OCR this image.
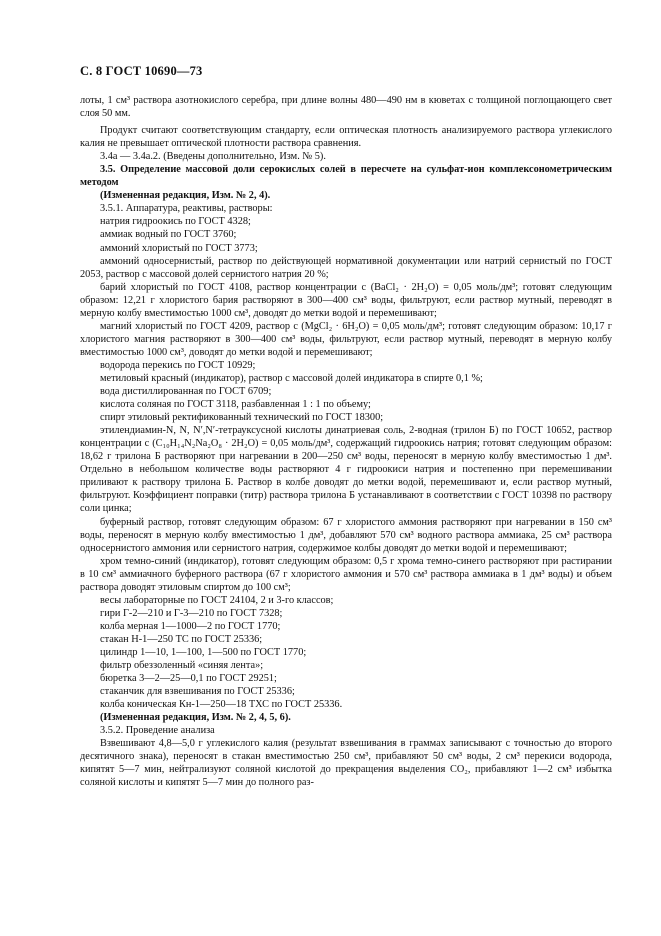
С. 8 ГОСТ 10690—73

лоты, 1 см³ раствора азотнокислого серебра, при длине волны 480—490 нм в кюветах с толщиной поглощающего свет слоя 50 мм.

Продукт считают соответствующим стандарту, если оптическая плотность анализируемого раствора углекислого калия не превышает оптической плотности раствора сравнения.

3.4а — 3.4а.2. (Введены дополнительно, Изм. № 5).

3.5. Определение массовой доли серокислых солей в пересчете на сульфат-ион комплексонометрическим методом

(Измененная редакция, Изм. № 2, 4).

3.5.1. Аппаратура, реактивы, растворы:

натрия гидроокись по ГОСТ 4328;

аммиак водный по ГОСТ 3760;

аммоний хлористый по ГОСТ 3773;

аммоний односернистый, раствор по действующей нормативной документации или натрий сернистый по ГОСТ 2053, раствор с массовой долей сернистого натрия 20 %;

барий хлористый по ГОСТ 4108, раствор концентрации c (BaCl₂ · 2H₂O) = 0,05 моль/дм³; готовят следующим образом: 12,21 г хлористого бария растворяют в 300—400 см³ воды, фильтруют, если раствор мутный, переводят в мерную колбу вместимостью 1000 см³, доводят до метки водой и перемешивают;

магний хлористый по ГОСТ 4209, раствор c (MgCl₂ · 6H₂O) = 0,05 моль/дм³; готовят следующим образом: 10,17 г хлористого магния растворяют в 300—400 см³ воды, фильтруют, если раствор мутный, переводят в мерную колбу вместимостью 1000 см³, доводят до метки водой и перемешивают;

водорода перекись по ГОСТ 10929;

метиловый красный (индикатор), раствор с массовой долей индикатора в спирте 0,1 %;

вода дистиллированная по ГОСТ 6709;

кислота соляная по ГОСТ 3118, разбавленная 1 : 1 по объему;

спирт этиловый ректификованный технический по ГОСТ 18300;

этилендиамин-N, N, N′,N′-тетрауксусной кислоты динатриевая соль, 2-водная (трилон Б) по ГОСТ 10652, раствор концентрации c (C₁₀H₁₄N₂Na₂O₈ · 2H₂O) = 0,05 моль/дм³, содержащий гидроокись натрия; готовят следующим образом: 18,62 г трилона Б растворяют при нагревании в 200—250 см³ воды, переносят в мерную колбу вместимостью 1 дм³. Отдельно в небольшом количестве воды растворяют 4 г гидроокиси натрия и постепенно при перемешивании приливают к раствору трилона Б. Раствор в колбе доводят до метки водой, перемешивают и, если раствор мутный, фильтруют. Коэффициент поправки (титр) раствора трилона Б устанавливают в соответствии с ГОСТ 10398 по раствору соли цинка;

буферный раствор, готовят следующим образом: 67 г хлористого аммония растворяют при нагревании в 150 см³ воды, переносят в мерную колбу вместимостью 1 дм³, добавляют 570 см³ водного раствора аммиака, 25 см³ раствора односернистого аммония или сернистого натрия, содержимое колбы доводят до метки водой и перемешивают;

хром темно-синий (индикатор), готовят следующим образом: 0,5 г хрома темно-синего растворяют при растирании в 10 см³ аммиачного буферного раствора (67 г хлористого аммония и 570 см³ раствора аммиака в 1 дм³ воды) и объем раствора доводят этиловым спиртом до 100 см³;

весы лабораторные по ГОСТ 24104, 2 и 3-го классов;

гири Г-2—210 и Г-3—210 по ГОСТ 7328;

колба мерная 1—1000—2 по ГОСТ 1770;

стакан Н-1—250 ТС по ГОСТ 25336;

цилиндр 1—10, 1—100, 1—500 по ГОСТ 1770;

фильтр обеззоленный «синяя лента»;

бюретка 3—2—25—0,1 по ГОСТ 29251;

стаканчик для взвешивания по ГОСТ 25336;

колба коническая Кн-1—250—18 ТХС по ГОСТ 25336.

(Измененная редакция, Изм. № 2, 4, 5, 6).

3.5.2. Проведение анализа

Взвешивают 4,8—5,0 г углекислого калия (результат взвешивания в граммах записывают с точностью до второго десятичного знака), переносят в стакан вместимостью 250 см³, прибавляют 50 см³ воды, 2 см³ перекиси водорода, кипятят 5—7 мин, нейтрализуют соляной кислотой до прекращения выделения CO₂, прибавляют 1—2 см³ избытка соляной кислоты и кипятят 5—7 мин до полного раз-
